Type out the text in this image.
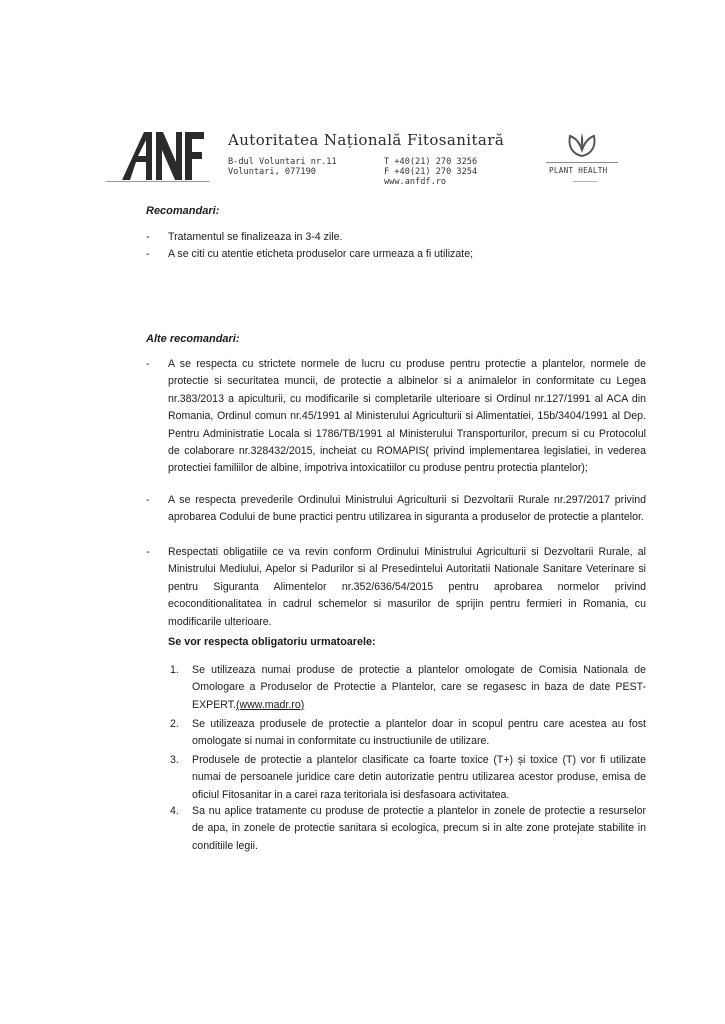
Autoritatea Națională Fitosanitară
B-dul Voluntari nr.11
Voluntari, 077190
T +40(21) 270 3256
F +40(21) 270 3254
www.anfdf.ro
PLANT HEALTH
Recomandari:
- Tratamentul se finalizeaza in 3-4 zile.
- A se citi cu atentie eticheta produselor care urmeaza a fi utilizate;
Alte recomandari:
- A se respecta cu strictete normele de lucru cu produse pentru protectie a plantelor, normele de protectie si securitatea muncii, de protectie a albinelor si a animalelor in conformitate cu Legea nr.383/2013 a apiculturii, cu modificarile si completarile ulterioare si Ordinul nr.127/1991 al ACA din Romania, Ordinul comun nr.45/1991 al Ministerului Agriculturii si Alimentatiei, 15b/3404/1991 al Dep. Pentru Administratie Locala si 1786/TB/1991 al Ministerului Transporturilor, precum si cu Protocolul de colaborare nr.328432/2015, incheiat cu ROMAPIS( privind implementarea legislatiei, in vederea protectiei familiilor de albine, impotriva intoxicatiilor cu produse pentru protectia plantelor);
- A se respecta prevederile Ordinului Ministrului Agriculturii si Dezvoltarii Rurale nr.297/2017 privind aprobarea Codului de bune practici pentru utilizarea in siguranta a produselor de protectie a plantelor.
- Respectati obligatiile ce va revin conform Ordinului Ministrului Agriculturii si Dezvoltarii Rurale, al Ministrului Mediului, Apelor si Padurilor si al Presedintelui Autoritatii Nationale Sanitare Veterinare si pentru Siguranta Alimentelor nr.352/636/54/2015 pentru aprobarea normelor privind ecoconditionalitatea in cadrul schemelor si masurilor de sprijin pentru fermieri in Romania, cu modificarile ulterioare.
Se vor respecta obligatoriu urmatoarele:
1. Se utilizeaza numai produse de protectie a plantelor omologate de Comisia Nationala de Omologare a Produselor de Protectie a Plantelor, care se regasesc in baza de date PEST-EXPERT.(www.madr.ro)
2. Se utilizeaza produsele de protectie a plantelor doar in scopul pentru care acestea au fost omologate si numai in conformitate cu instructiunile de utilizare.
3. Produsele de protectie a plantelor clasificate ca foarte toxice (T+) și toxice (T) vor fi utilizate numai de persoanele juridice care detin autorizatie pentru utilizarea acestor produse, emisa de oficiul Fitosanitar in a carei raza teritoriala isi desfasoara activitatea.
4. Sa nu aplice tratamente cu produse de protectie a plantelor in zonele de protectie a resurselor de apa, in zonele de protectie sanitara si ecologica, precum si in alte zone protejate stabilite in conditiile legii.
